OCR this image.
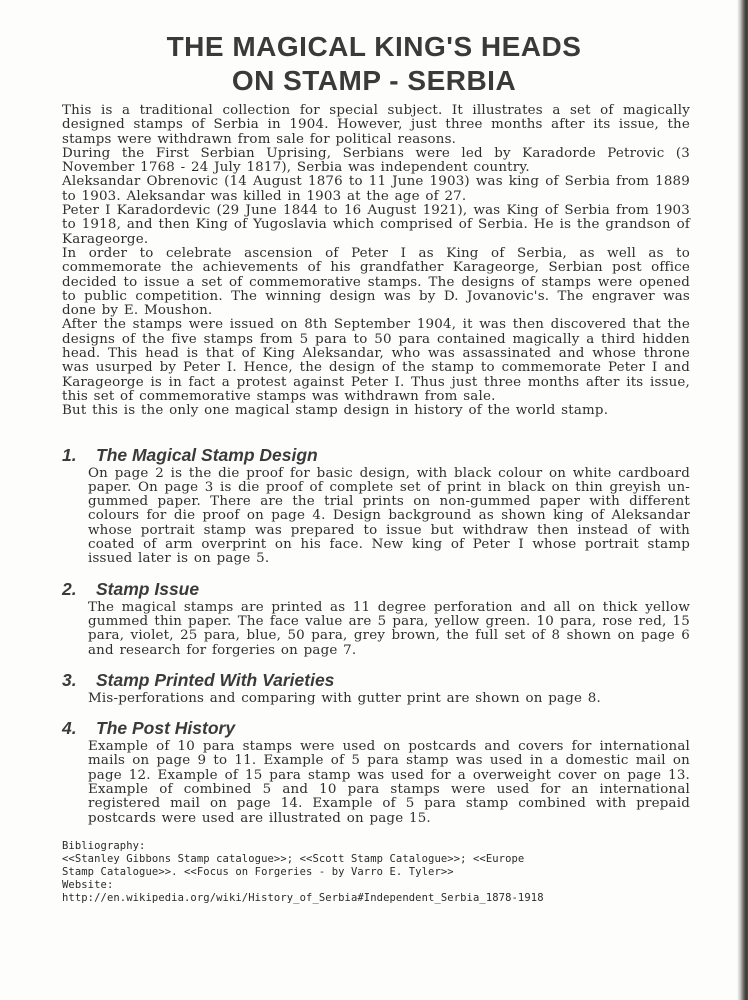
THE MAGICAL KING'S HEADS
ON STAMP - SERBIA

This is a traditional collection for special subject. It illustrates a set of magically designed stamps of Serbia in 1904. However, just three months after its issue, the stamps were withdrawn from sale for political reasons.

During the First Serbian Uprising, Serbians were led by Karadorde Petrovic (3 November 1768 - 24 July 1817), Serbia was independent country.

Aleksandar Obrenovic (14 August 1876 to 11 June 1903) was king of Serbia from 1889 to 1903. Aleksandar was killed in 1903 at the age of 27.

Peter I Karadordevic (29 June 1844 to 16 August 1921), was King of Serbia from 1903 to 1918, and then King of Yugoslavia which comprised of Serbia. He is the grandson of Karageorge.

In order to celebrate ascension of Peter I as King of Serbia, as well as to commemorate the achievements of his grandfather Karageorge, Serbian post office decided to issue a set of commemorative stamps. The designs of stamps were opened to public competition. The winning design was by D. Jovanovic's. The engraver was done by E. Moushon.

After the stamps were issued on 8th September 1904, it was then discovered that the designs of the five stamps from 5 para to 50 para contained magically a third hidden head. This head is that of King Aleksandar, who was assassinated and whose throne was usurped by Peter I. Hence, the design of the stamp to commemorate Peter I and Karageorge is in fact a protest against Peter I. Thus just three months after its issue, this set of commemorative stamps was withdrawn from sale.

But this is the only one magical stamp design in history of the world stamp.

1.	The Magical Stamp Design
On page 2 is the die proof for basic design, with black colour on white cardboard paper. On page 3 is die proof of complete set of print in black on thin greyish un-gummed paper. There are the trial prints on non-gummed paper with different colours for die proof on page 4. Design background as shown king of Aleksandar whose portrait stamp was prepared to issue but withdraw then instead of with coated of arm overprint on his face. New king of Peter I whose portrait stamp issued later is on page 5.
2.	Stamp Issue
The magical stamps are printed as 11 degree perforation and all on thick yellow gummed thin paper. The face value are 5 para, yellow green. 10 para, rose red, 15 para, violet, 25 para, blue, 50 para, grey brown, the full set of 8 shown on page 6 and research for forgeries on page 7.
3.	Stamp Printed With Varieties
Mis-perforations and comparing with gutter print are shown on page 8.
4.	The Post History
Example of 10 para stamps were used on postcards and covers for international mails on page 9 to 11. Example of 5 para stamp was used in a domestic mail on page 12. Example of 15 para stamp was used for a overweight cover on page 13. Example of combined 5 and 10 para stamps were used for an international registered mail on page 14. Example of 5 para stamp combined with prepaid postcards were used are illustrated on page 15.
Bibliography:
<<Stanley Gibbons Stamp catalogue>>; <<Scott Stamp Catalogue>>; <<Europe
Stamp Catalogue>>. <<Focus on Forgeries - by Varro E. Tyler>>
Website:
http://en.wikipedia.org/wiki/History_of_Serbia#Independent_Serbia_1878-1918
